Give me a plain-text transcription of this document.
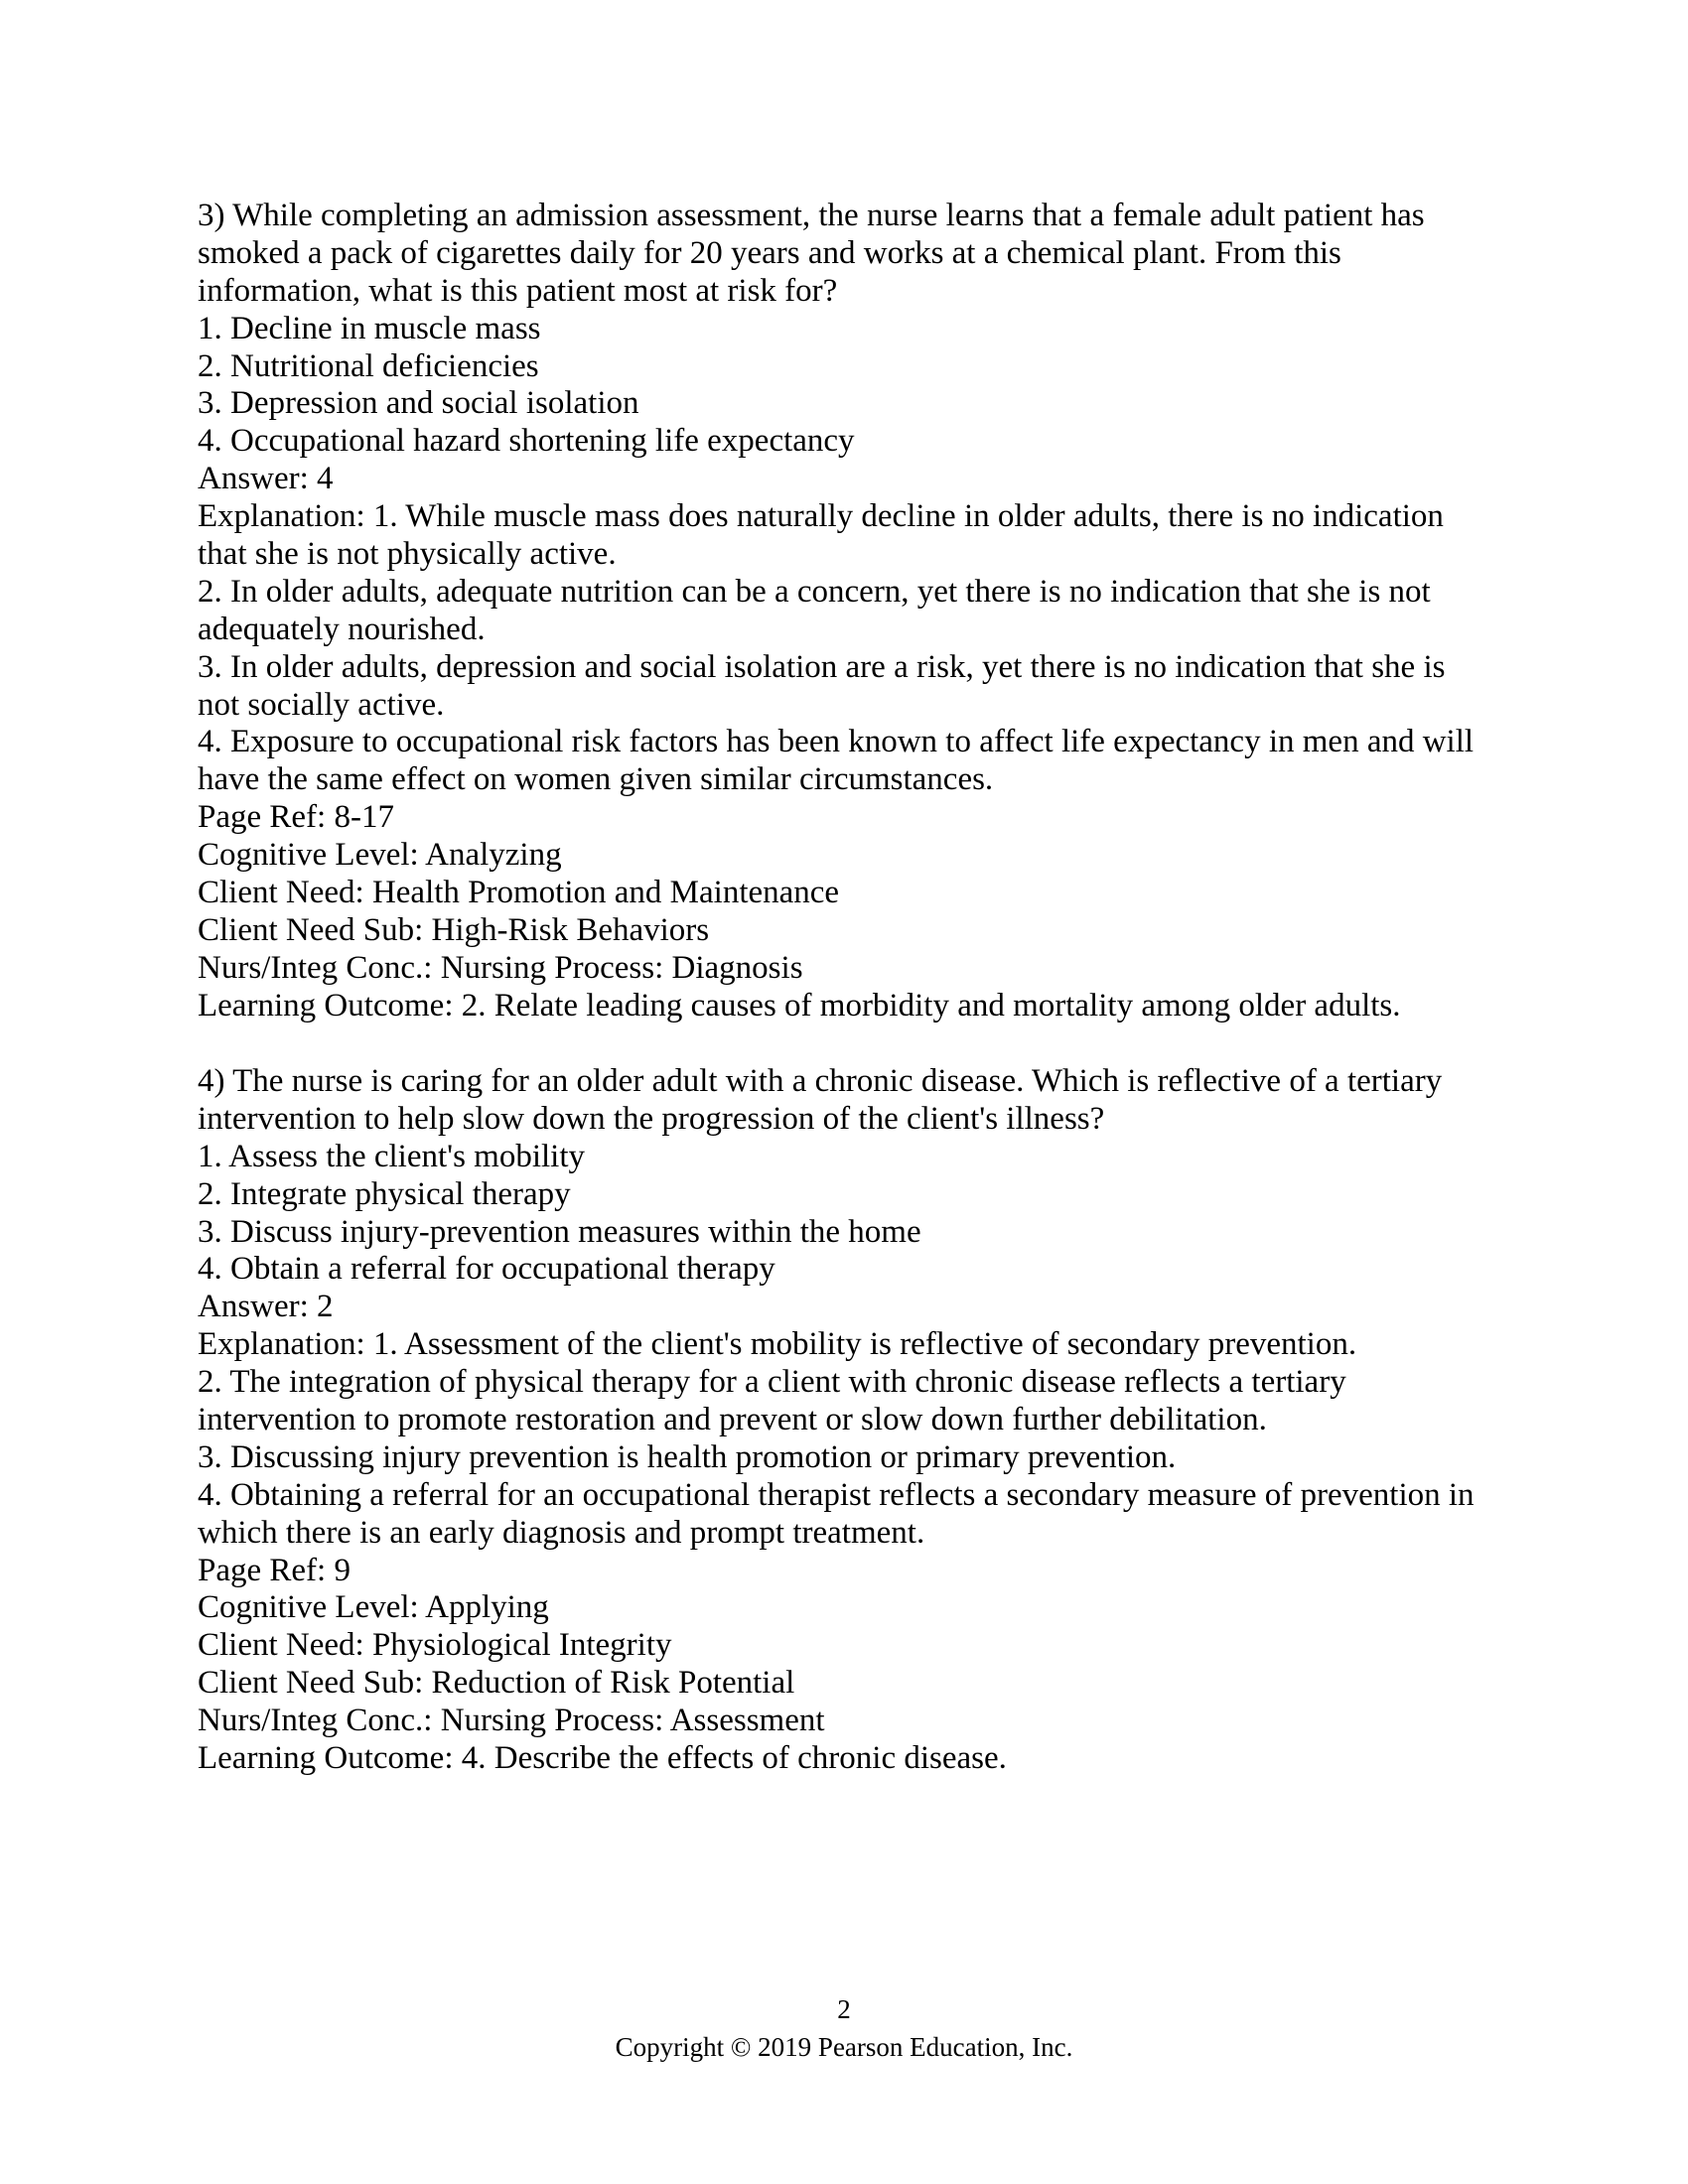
3) While completing an admission assessment, the nurse learns that a female adult patient has
smoked a pack of cigarettes daily for 20 years and works at a chemical plant. From this
information, what is this patient most at risk for?
1. Decline in muscle mass
2. Nutritional deficiencies
3. Depression and social isolation
4. Occupational hazard shortening life expectancy
Answer: 4
Explanation: 1. While muscle mass does naturally decline in older adults, there is no indication
that she is not physically active.
2. In older adults, adequate nutrition can be a concern, yet there is no indication that she is not
adequately nourished.
3. In older adults, depression and social isolation are a risk, yet there is no indication that she is
not socially active.
4. Exposure to occupational risk factors has been known to affect life expectancy in men and will
have the same effect on women given similar circumstances.
Page Ref: 8-17
Cognitive Level: Analyzing
Client Need: Health Promotion and Maintenance
Client Need Sub: High-Risk Behaviors
Nurs/Integ Conc.: Nursing Process: Diagnosis
Learning Outcome: 2. Relate leading causes of morbidity and mortality among older adults.
4) The nurse is caring for an older adult with a chronic disease. Which is reflective of a tertiary
intervention to help slow down the progression of the client's illness?
1. Assess the client's mobility
2. Integrate physical therapy
3. Discuss injury-prevention measures within the home
4. Obtain a referral for occupational therapy
Answer: 2
Explanation: 1. Assessment of the client's mobility is reflective of secondary prevention.
2. The integration of physical therapy for a client with chronic disease reflects a tertiary
intervention to promote restoration and prevent or slow down further debilitation.
3. Discussing injury prevention is health promotion or primary prevention.
4. Obtaining a referral for an occupational therapist reflects a secondary measure of prevention in
which there is an early diagnosis and prompt treatment.
Page Ref: 9
Cognitive Level: Applying
Client Need: Physiological Integrity
Client Need Sub: Reduction of Risk Potential
Nurs/Integ Conc.: Nursing Process: Assessment
Learning Outcome: 4. Describe the effects of chronic disease.
2
Copyright © 2019 Pearson Education, Inc.
